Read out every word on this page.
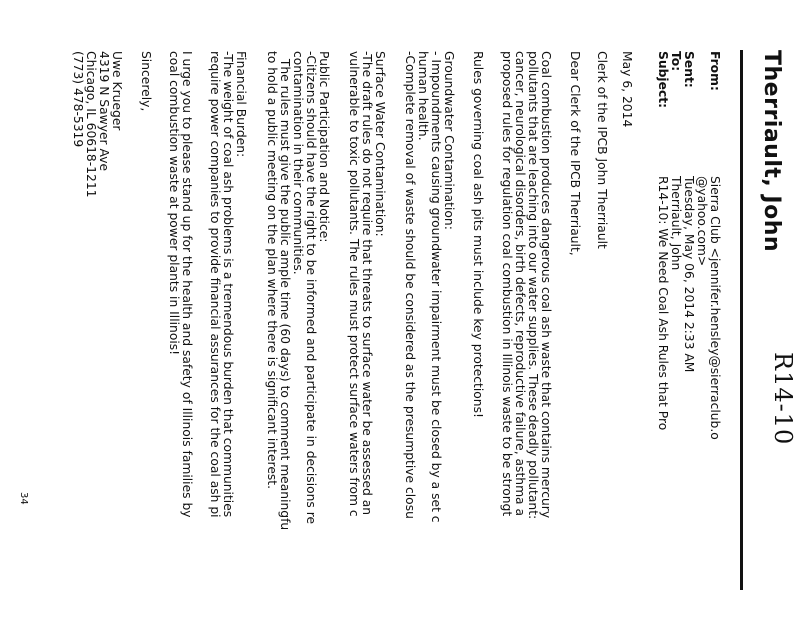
Therriault, John
R14-10
From:
Sierra Club <jennifer.hensley@sierraclub.o
@yahoo.com>
Sent:
Tuesday, May 06, 2014 2:33 AM
To:
Therriault, John
Subject:
R14-10: We Need Coal Ash Rules that Pro
May 6, 2014
Clerk of the IPCB John Therriault
Dear Clerk of the IPCB Therriault,
Coal combustion produces dangerous coal ash waste that contains mercury
pollutants that are leaching into our water supplies. These deadly pollutant:
cancer, neurological disorders, birth defects, reproductive failure, asthma a
proposed rules for regulation coal combustion in Illinois waste to be strongt
Rules governing coal ash pits must include key protections!
Groundwater Contamination:
- Impoundments causing groundwater impairment must be closed by a set c
human health.
-Complete removal of waste should be considered as the presumptive closu
Surface Water Contamination:
-The draft rules do not require that threats to surface water be assessed an
vulnerable to toxic pollutants. The rules must protect surface waters from c
Public Participation and Notice:
-Citizens should have the right to be informed and participate in decisions re
contamination in their communities.
The rules must give the public ample time (60 days) to comment meaningfu
to hold a public meeting on the plan where there is significant interest.
Financial Burden:
-The weight of coal ash problems is a tremendous burden that communities
require power companies to provide financial assurances for the coal ash pi
I urge you to please stand up for the health and safety of Illinois families by
coal combustion waste at power plants in Illinois!
Sincerely,
Uwe Krueger
4319 N Sawyer Ave
Chicago, IL 60618-1211
(773) 478-5319
34
